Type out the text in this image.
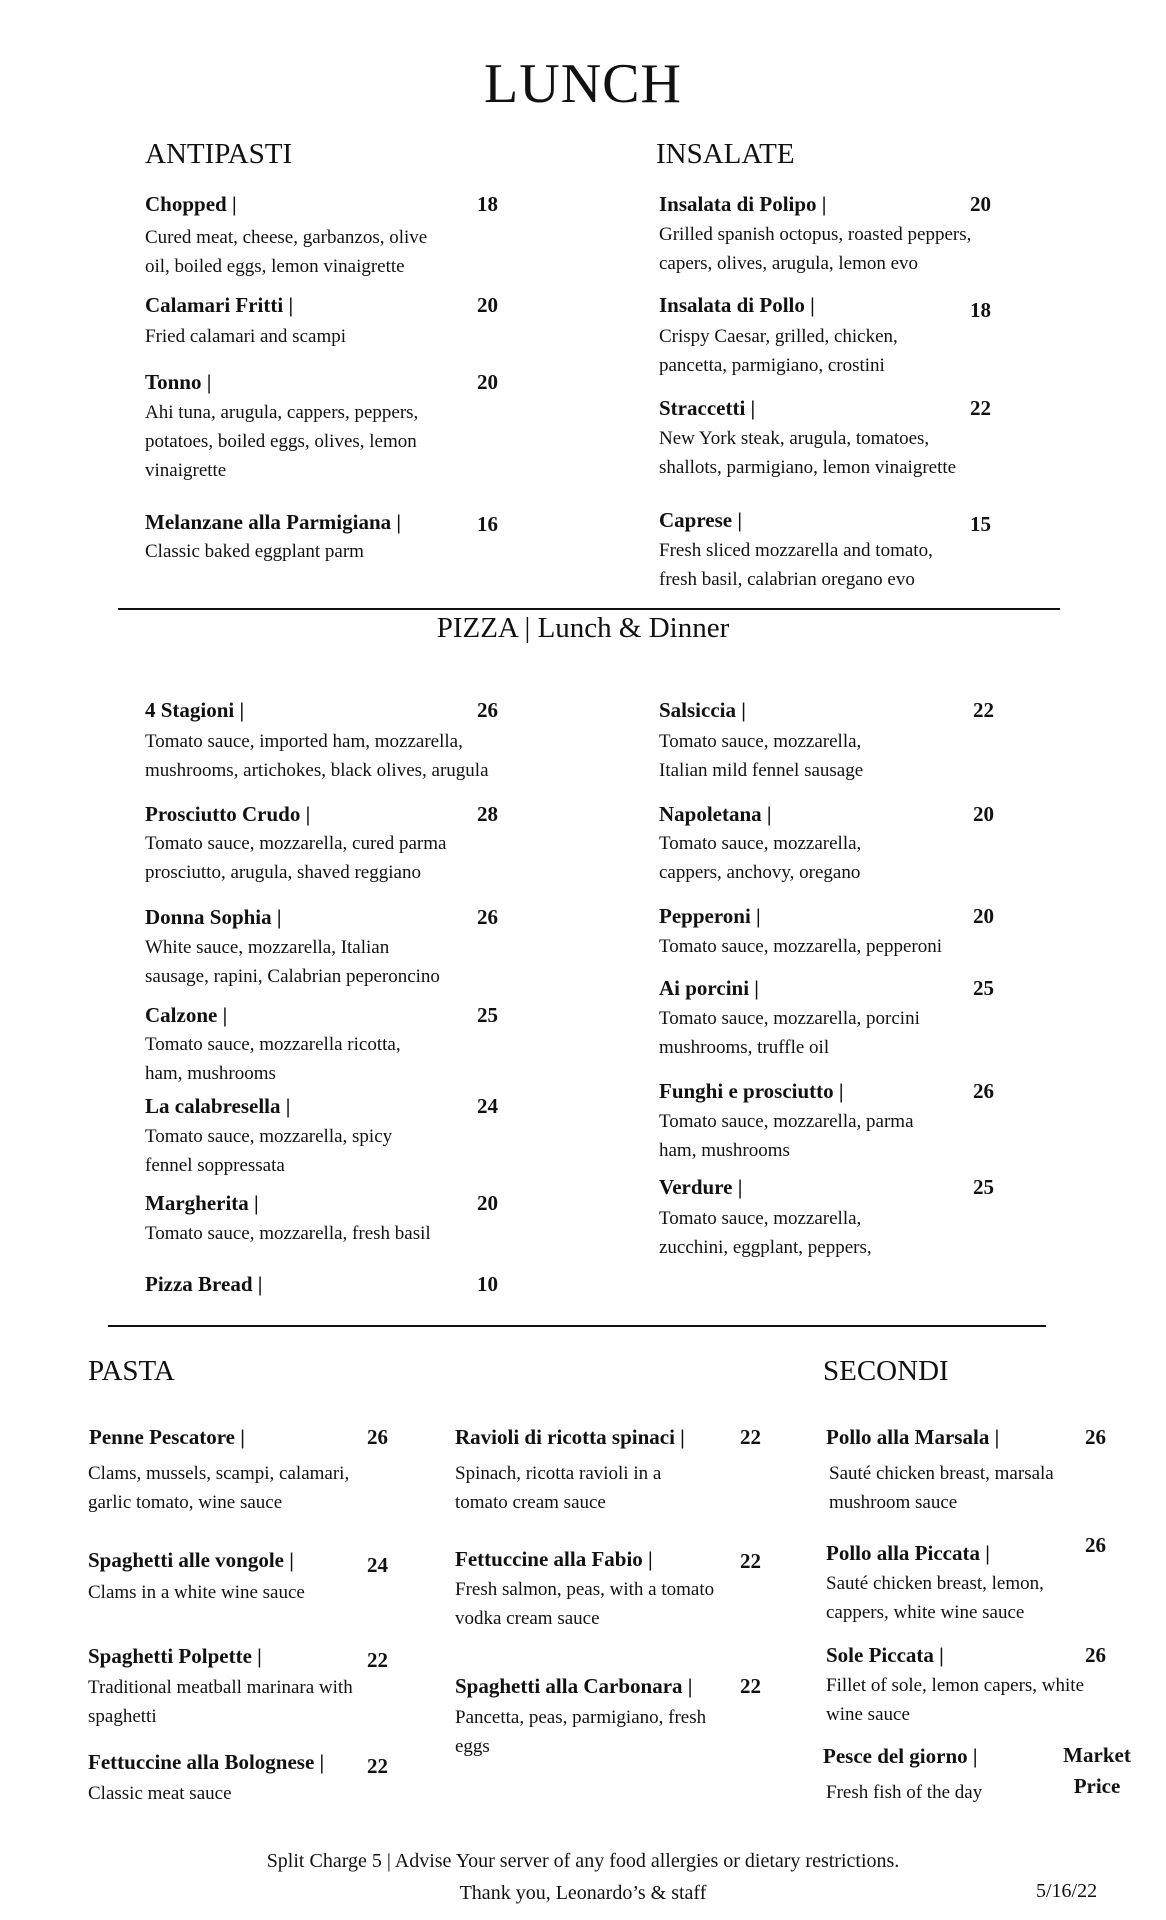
LUNCH
ANTIPASTI
Chopped |	18
Cured meat, cheese, garbanzos, olive
oil, boiled eggs, lemon vinaigrette
Calamari Fritti |	20
Fried calamari and scampi
Tonno |	20
Ahi tuna, arugula, cappers, peppers,
potatoes, boiled eggs, olives, lemon
vinaigrette
Melanzane alla Parmigiana |	16
Classic baked eggplant parm
INSALATE
Insalata di Polipo |	20
Grilled spanish octopus, roasted peppers,
capers, olives, arugula, lemon evo
Insalata di Pollo |	18
Crispy Caesar, grilled, chicken,
pancetta, parmigiano, crostini
Straccetti |	22
New York steak, arugula, tomatoes,
shallots, parmigiano, lemon vinaigrette
Caprese |	15
Fresh sliced mozzarella and tomato,
fresh basil, calabrian oregano evo
PIZZA | Lunch & Dinner
4 Stagioni |	26
Tomato sauce, imported ham, mozzarella,
mushrooms, artichokes, black olives, arugula
Prosciutto Crudo |	28
Tomato sauce, mozzarella, cured parma
prosciutto, arugula, shaved reggiano
Donna Sophia |	26
White sauce, mozzarella, Italian
sausage, rapini, Calabrian peperoncino
Calzone |	25
Tomato sauce, mozzarella ricotta,
ham, mushrooms
La calabresella |	24
Tomato sauce, mozzarella, spicy
fennel soppressata
Margherita |	20
Tomato sauce, mozzarella, fresh basil
Pizza Bread |	10
Salsiccia |	22
Tomato sauce, mozzarella,
Italian mild fennel sausage
Napoletana |	20
Tomato sauce, mozzarella,
cappers, anchovy, oregano
Pepperoni |	20
Tomato sauce, mozzarella, pepperoni
Ai porcini |	25
Tomato sauce, mozzarella, porcini
mushrooms, truffle oil
Funghi e prosciutto |	26
Tomato sauce, mozzarella, parma
ham, mushrooms
Verdure |	25
Tomato sauce, mozzarella,
zucchini, eggplant, peppers,
PASTA
Penne Pescatore |	26
Clams, mussels, scampi, calamari,
garlic tomato, wine sauce
Spaghetti alle vongole |	24
Clams in a white wine sauce
Spaghetti Polpette |	22
Traditional meatball marinara with
spaghetti
Fettuccine alla Bolognese | 22
Classic meat sauce
Ravioli di ricotta spinaci |	22
Spinach, ricotta ravioli in a
tomato cream sauce
Fettuccine alla Fabio |	22
Fresh salmon, peas, with a tomato
vodka cream sauce
Spaghetti alla Carbonara | 22
Pancetta, peas, parmigiano, fresh
eggs
SECONDI
Pollo alla Marsala |	26
Sauté chicken breast, marsala
mushroom sauce
Pollo alla Piccata |	26
Sauté chicken breast, lemon,
cappers, white wine sauce
Sole Piccata |	26
Fillet of sole, lemon capers, white
wine sauce
Pesce del giorno |	Market
Price
Fresh fish of the day
Split Charge 5 | Advise Your server of any food allergies or dietary restrictions.
Thank you, Leonardo’s & staff	5/16/22
